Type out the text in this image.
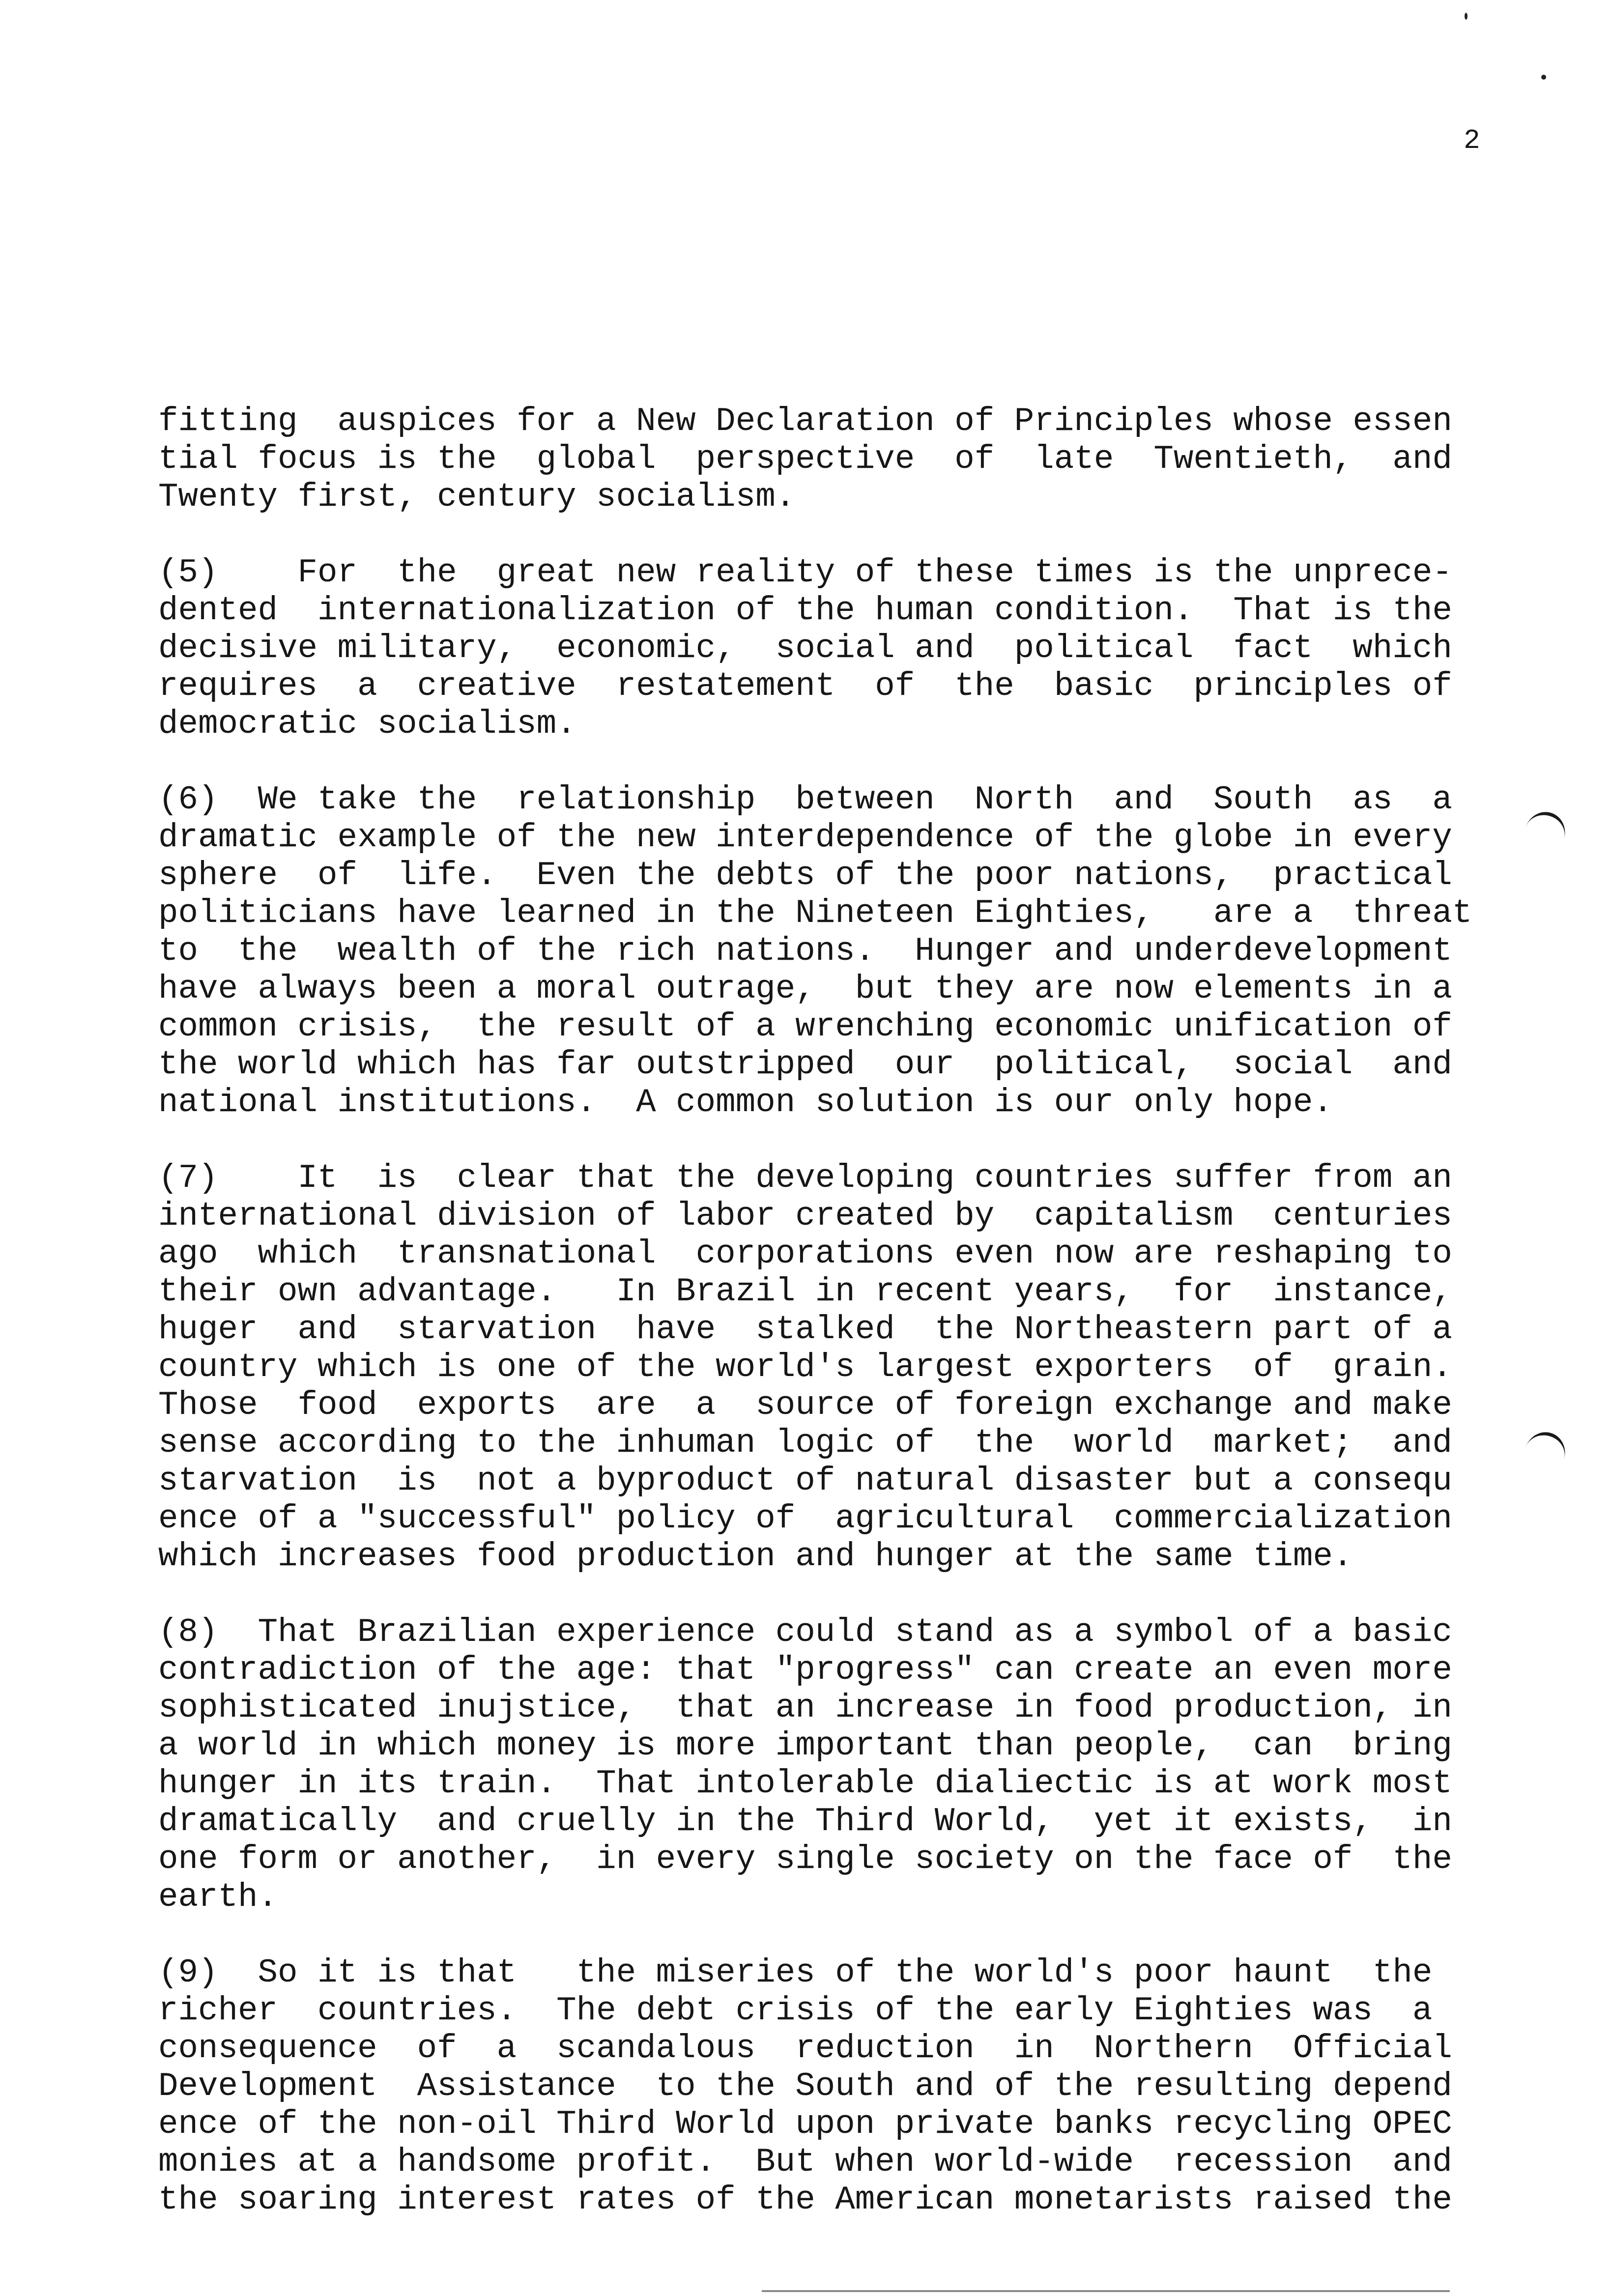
2
fitting  auspices for a New Declaration of Principles whose essen
tial focus is the  global  perspective  of  late  Twentieth,  and
Twenty first, century socialism.
(5)    For  the  great new reality of these times is the unprece-
dented  internationalization of the human condition.  That is the
decisive military,  economic,  social and  political  fact  which
requires  a  creative  restatement  of  the  basic  principles of
democratic socialism.
(6)  We take the  relationship  between  North  and  South  as  a
dramatic example of the new interdependence of the globe in every
sphere  of  life.  Even the debts of the poor nations,  practical
politicians have learned in the Nineteen Eighties,   are a  threat
to  the  wealth of the rich nations.  Hunger and underdevelopment
have always been a moral outrage,  but they are now elements in a
common crisis,  the result of a wrenching economic unification of
the world which has far outstripped  our  political,  social  and
national institutions.  A common solution is our only hope.
(7)    It  is  clear that the developing countries suffer from an
international division of labor created by  capitalism  centuries
ago  which  transnational  corporations even now are reshaping to
their own advantage.   In Brazil in recent years,  for  instance,
huger  and  starvation  have  stalked  the Northeastern part of a
country which is one of the world's largest exporters  of  grain.
Those  food  exports  are  a  source of foreign exchange and make
sense according to the inhuman logic of  the  world  market;  and
starvation  is  not a byproduct of natural disaster but a consequ
ence of a "successful" policy of  agricultural  commercialization
which increases food production and hunger at the same time.
(8)  That Brazilian experience could stand as a symbol of a basic
contradiction of the age: that "progress" can create an even more
sophisticated inujstice,  that an increase in food production, in
a world in which money is more important than people,  can  bring
hunger in its train.  That intolerable dialiectic is at work most
dramatically  and cruelly in the Third World,  yet it exists,  in
one form or another,  in every single society on the face of  the
earth.
(9)  So it is that   the miseries of the world's poor haunt  the
richer  countries.  The debt crisis of the early Eighties was  a
consequence  of  a  scandalous  reduction  in  Northern  Official
Development  Assistance  to the South and of the resulting depend
ence of the non-oil Third World upon private banks recycling OPEC
monies at a handsome profit.  But when world-wide  recession  and
the soaring interest rates of the American monetarists raised the
